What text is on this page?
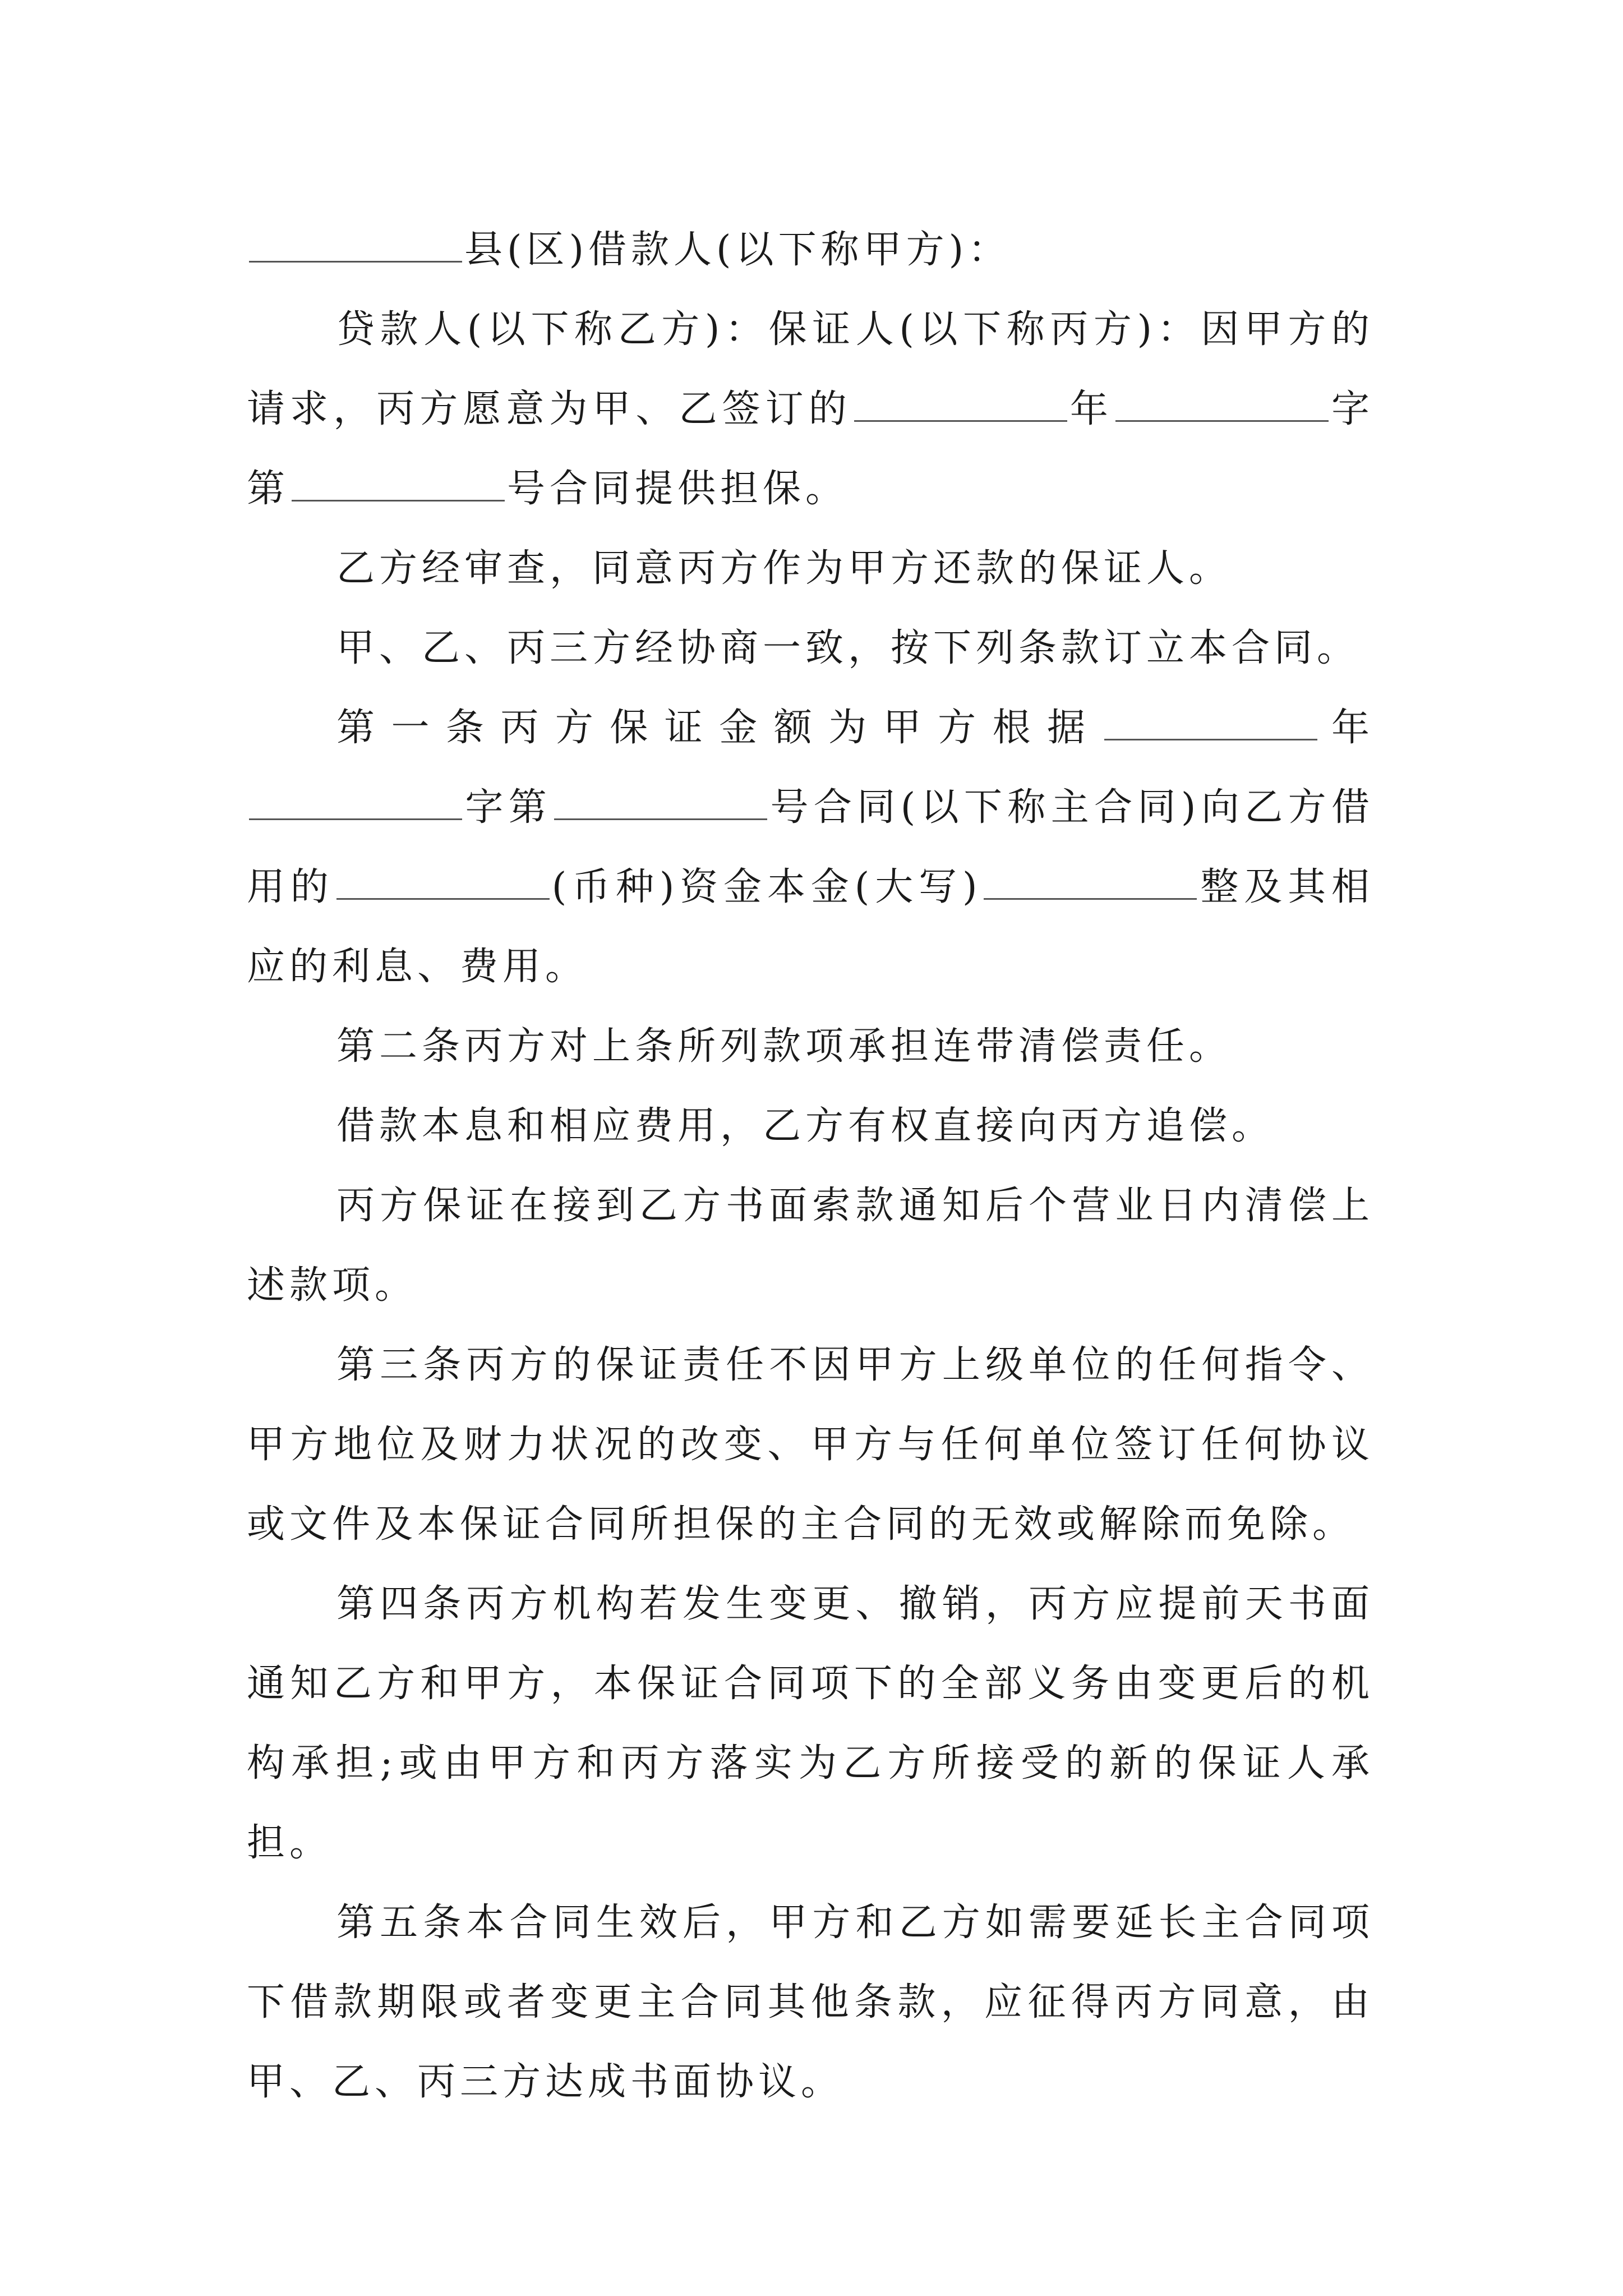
县(区)借款人(以下称甲方)：

贷款人(以下称乙方)：保证人(以下称丙方)：因甲方的请求，丙方愿意为甲、乙签订的	年	字第	号合同提供担保。

乙方经审查，同意丙方作为甲方还款的保证人。

甲、乙、丙三方经协商一致，按下列条款订立本合同。

第一条丙方保证金额为甲方根据	年字第	号合同(以下称主合同)向乙方借用的	(币种)资金本金(大写)	整及其相应的利息、费用。

第二条丙方对上条所列款项承担连带清偿责任。

借款本息和相应费用，乙方有权直接向丙方追偿。

丙方保证在接到乙方书面索款通知后个营业日内清偿上述款项。

第三条丙方的保证责任不因甲方上级单位的任何指令、甲方地位及财力状况的改变、甲方与任何单位签订任何协议或文件及本保证合同所担保的主合同的无效或解除而免除。

第四条丙方机构若发生变更、撤销，丙方应提前天书面通知乙方和甲方，本保证合同项下的全部义务由变更后的机构承担;或由甲方和丙方落实为乙方所接受的新的保证人承担。

第五条本合同生效后，甲方和乙方如需要延长主合同项下借款期限或者变更主合同其他条款，应征得丙方同意，由甲、乙、丙三方达成书面协议。
